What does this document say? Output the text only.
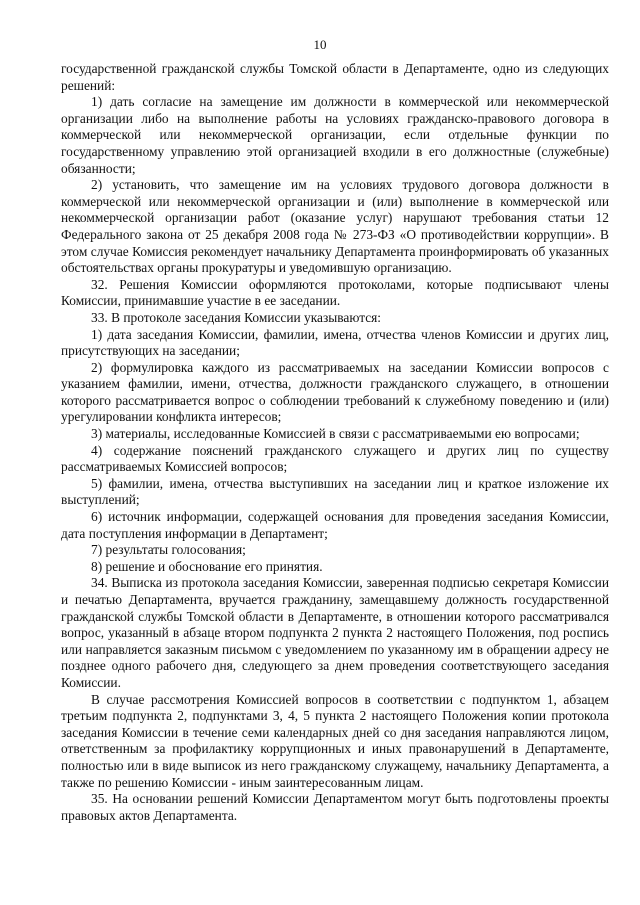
10

государственной гражданской службы Томской области в Департаменте, одно из следующих решений:

1) дать согласие на замещение им должности в коммерческой или некоммерческой организации либо на выполнение работы на условиях гражданско-правового договора в коммерческой или некоммерческой организации, если отдельные функции по государственному управлению этой организацией входили в его должностные (служебные) обязанности;

2) установить, что замещение им на условиях трудового договора должности в коммерческой или некоммерческой организации и (или) выполнение в коммерческой или некоммерческой организации работ (оказание услуг) нарушают требования статьи 12 Федерального закона от 25 декабря 2008 года № 273-ФЗ «О противодействии коррупции». В этом случае Комиссия рекомендует начальнику Департамента проинформировать об указанных обстоятельствах органы прокуратуры и уведомившую организацию.

32. Решения Комиссии оформляются протоколами, которые подписывают члены Комиссии, принимавшие участие в ее заседании.

33. В протоколе заседания Комиссии указываются:

1) дата заседания Комиссии, фамилии, имена, отчества членов Комиссии и других лиц, присутствующих на заседании;

2) формулировка каждого из рассматриваемых на заседании Комиссии вопросов с указанием фамилии, имени, отчества, должности гражданского служащего, в отношении которого рассматривается вопрос о соблюдении требований к служебному поведению и (или) урегулировании конфликта интересов;

3) материалы, исследованные Комиссией в связи с рассматриваемыми ею вопросами;

4) содержание пояснений гражданского служащего и других лиц по существу рассматриваемых Комиссией вопросов;

5) фамилии, имена, отчества выступивших на заседании лиц и краткое изложение их выступлений;

6) источник информации, содержащей основания для проведения заседания Комиссии, дата поступления информации в Департамент;

7) результаты голосования;

8) решение и обоснование его принятия.

34. Выписка из протокола заседания Комиссии, заверенная подписью секретаря Комиссии и печатью Департамента, вручается гражданину, замещавшему должность государственной гражданской службы Томской области в Департаменте, в отношении которого рассматривался вопрос, указанный в абзаце втором подпункта 2 пункта 2 настоящего Положения, под роспись или направляется заказным письмом с уведомлением по указанному им в обращении адресу не позднее одного рабочего дня, следующего за днем проведения соответствующего заседания Комиссии.

В случае рассмотрения Комиссией вопросов в соответствии с подпунктом 1, абзацем третьим подпункта 2, подпунктами 3, 4, 5 пункта 2 настоящего Положения копии протокола заседания Комиссии в течение семи календарных дней со дня заседания направляются лицом, ответственным за профилактику коррупционных и иных правонарушений в Департаменте, полностью или в виде выписок из него гражданскому служащему, начальнику Департамента, а также по решению Комиссии - иным заинтересованным лицам.

35. На основании решений Комиссии Департаментом могут быть подготовлены проекты правовых актов Департамента.
